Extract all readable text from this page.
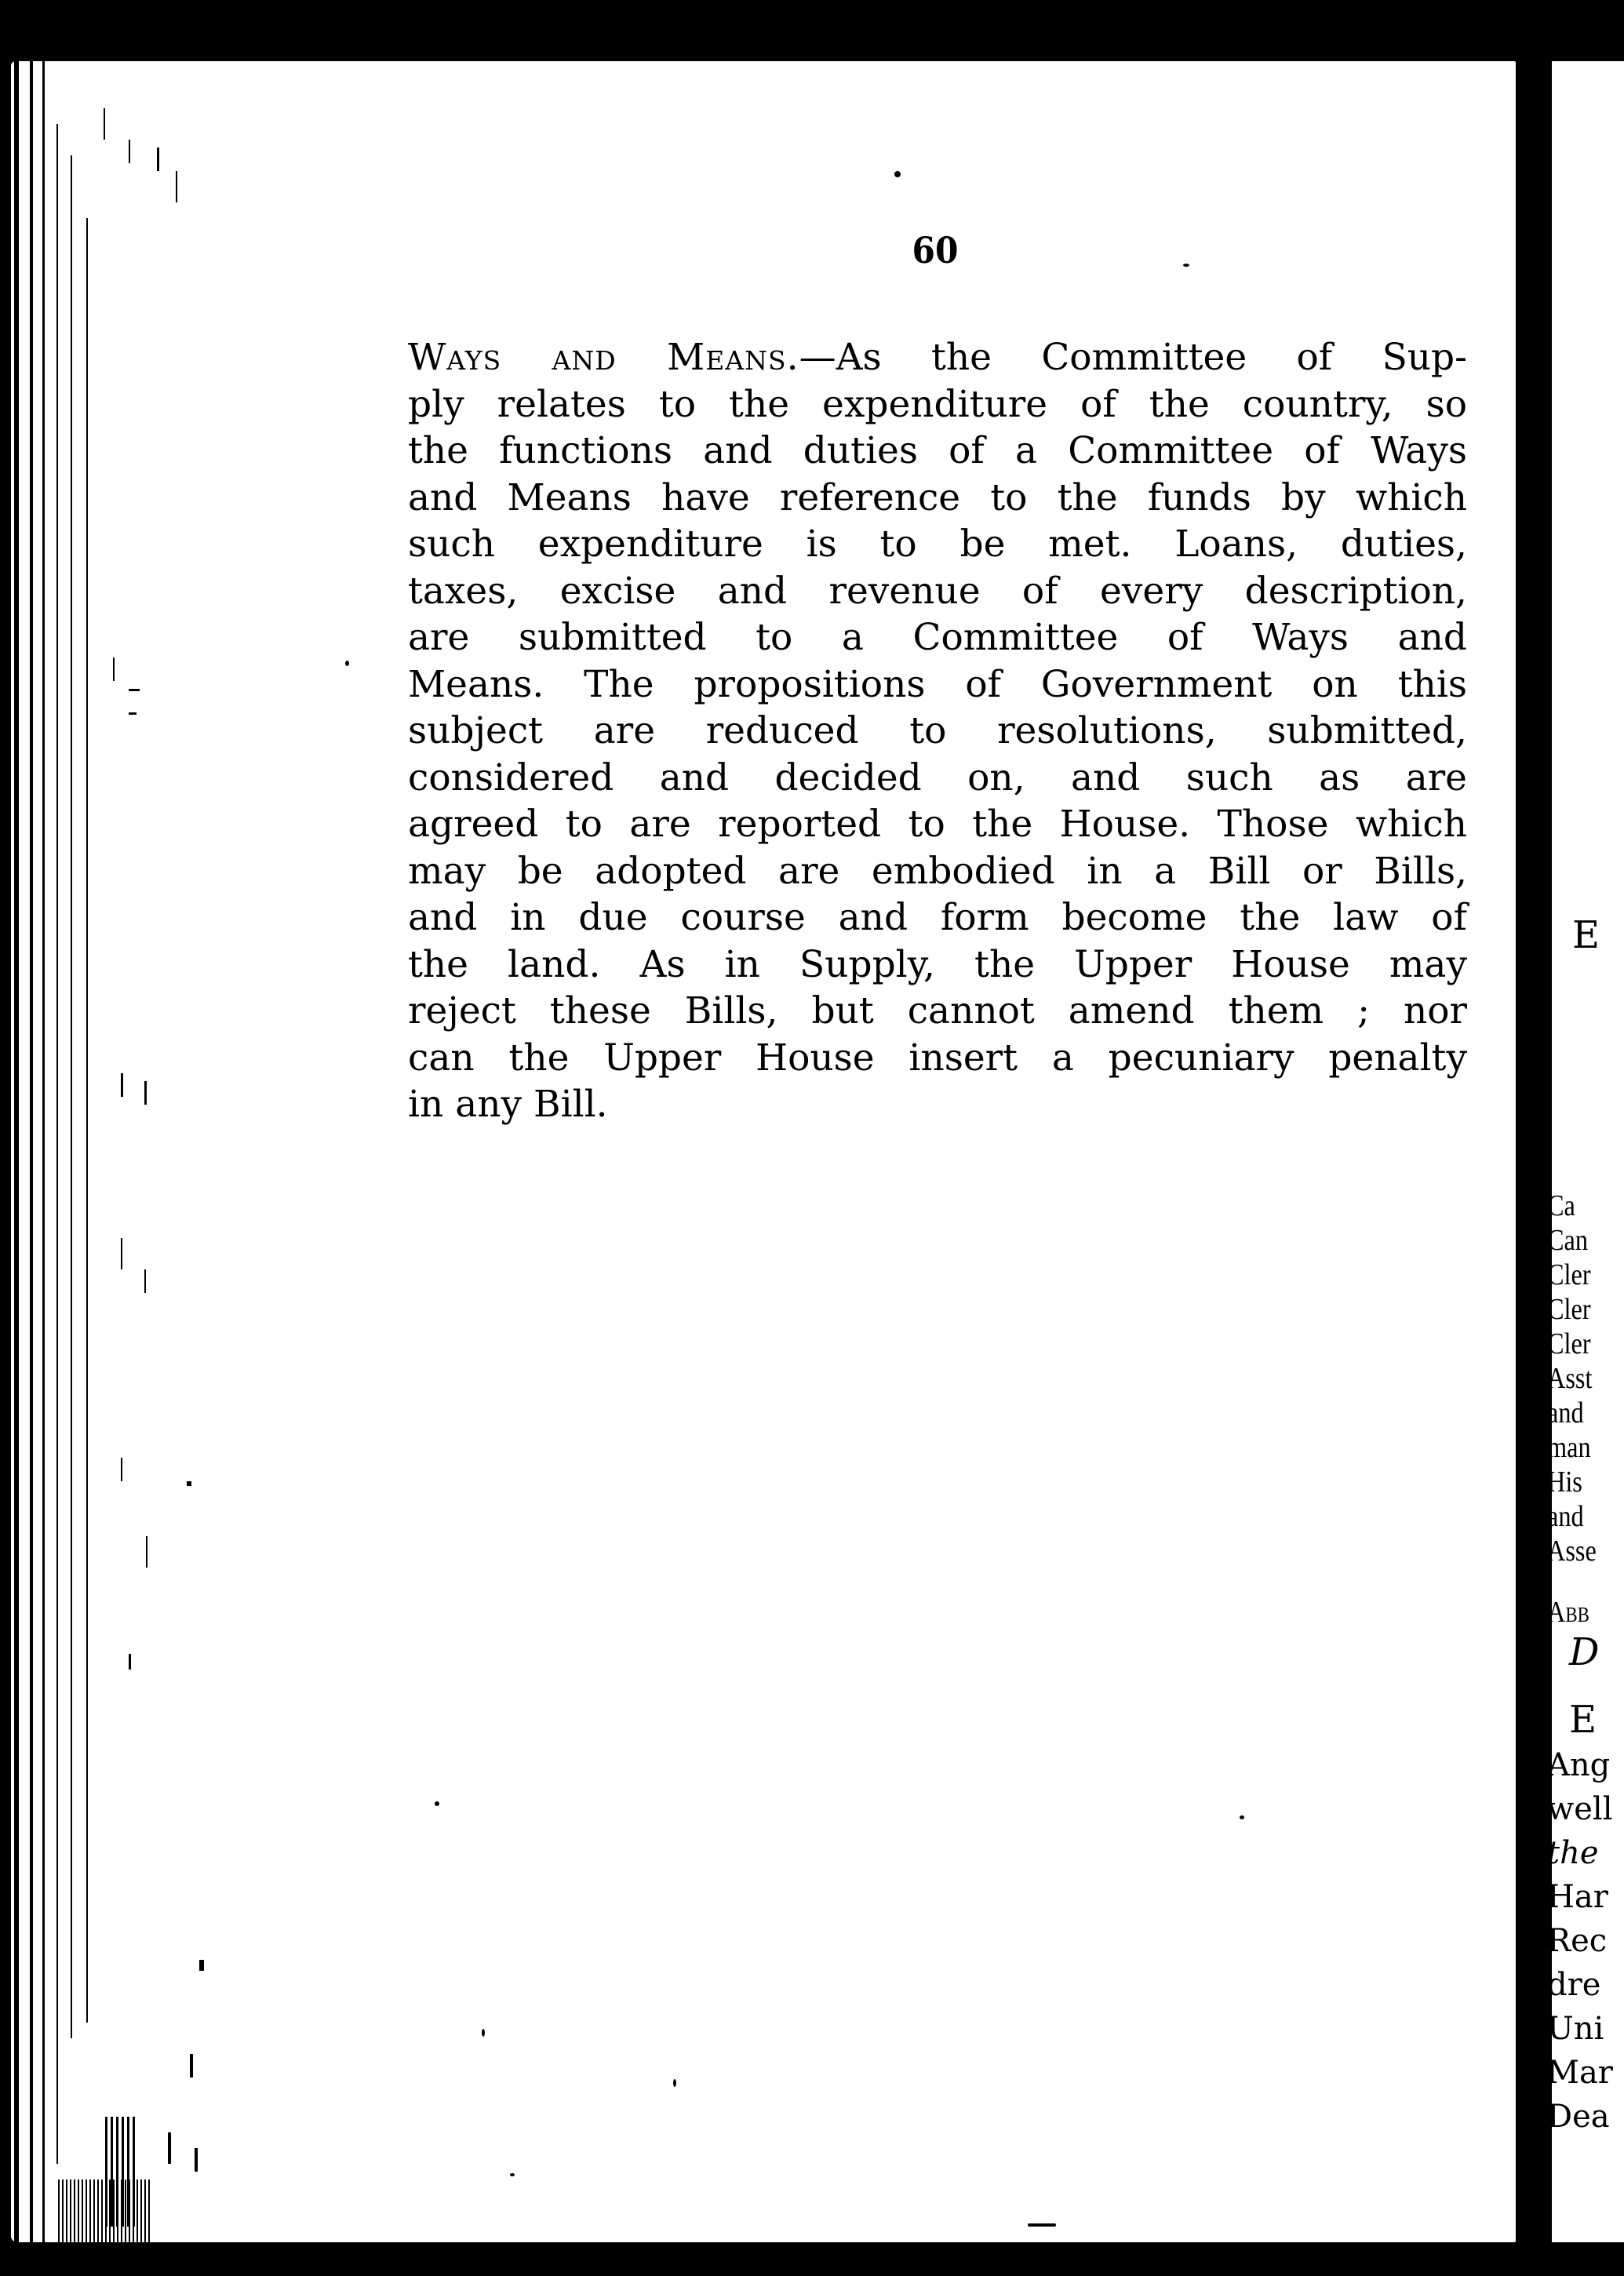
E
Ca
Can
Cler
Cler
Cler
Asst
and
man
His
and
Asse
Abb
D
E
Ang
well
the
Har
Rec
dre
Uni
Mar
Dea
60
Ways and Means.—As the Committee of Sup-
ply relates to the expenditure of the country, so
the functions and duties of a Committee of Ways
and Means have reference to the funds by which
such expenditure is to be met. Loans, duties,
taxes, excise and revenue of every description,
are submitted to a Committee of Ways and
Means. The propositions of Government on this
subject are reduced to resolutions, submitted,
considered and decided on, and such as are
agreed to are reported to the House. Those which
may be adopted are embodied in a Bill or Bills,
and in due course and form become the law of
the land. As in Supply, the Upper House may
reject these Bills, but cannot amend them ; nor
can the Upper House insert a pecuniary penalty
in any Bill.
